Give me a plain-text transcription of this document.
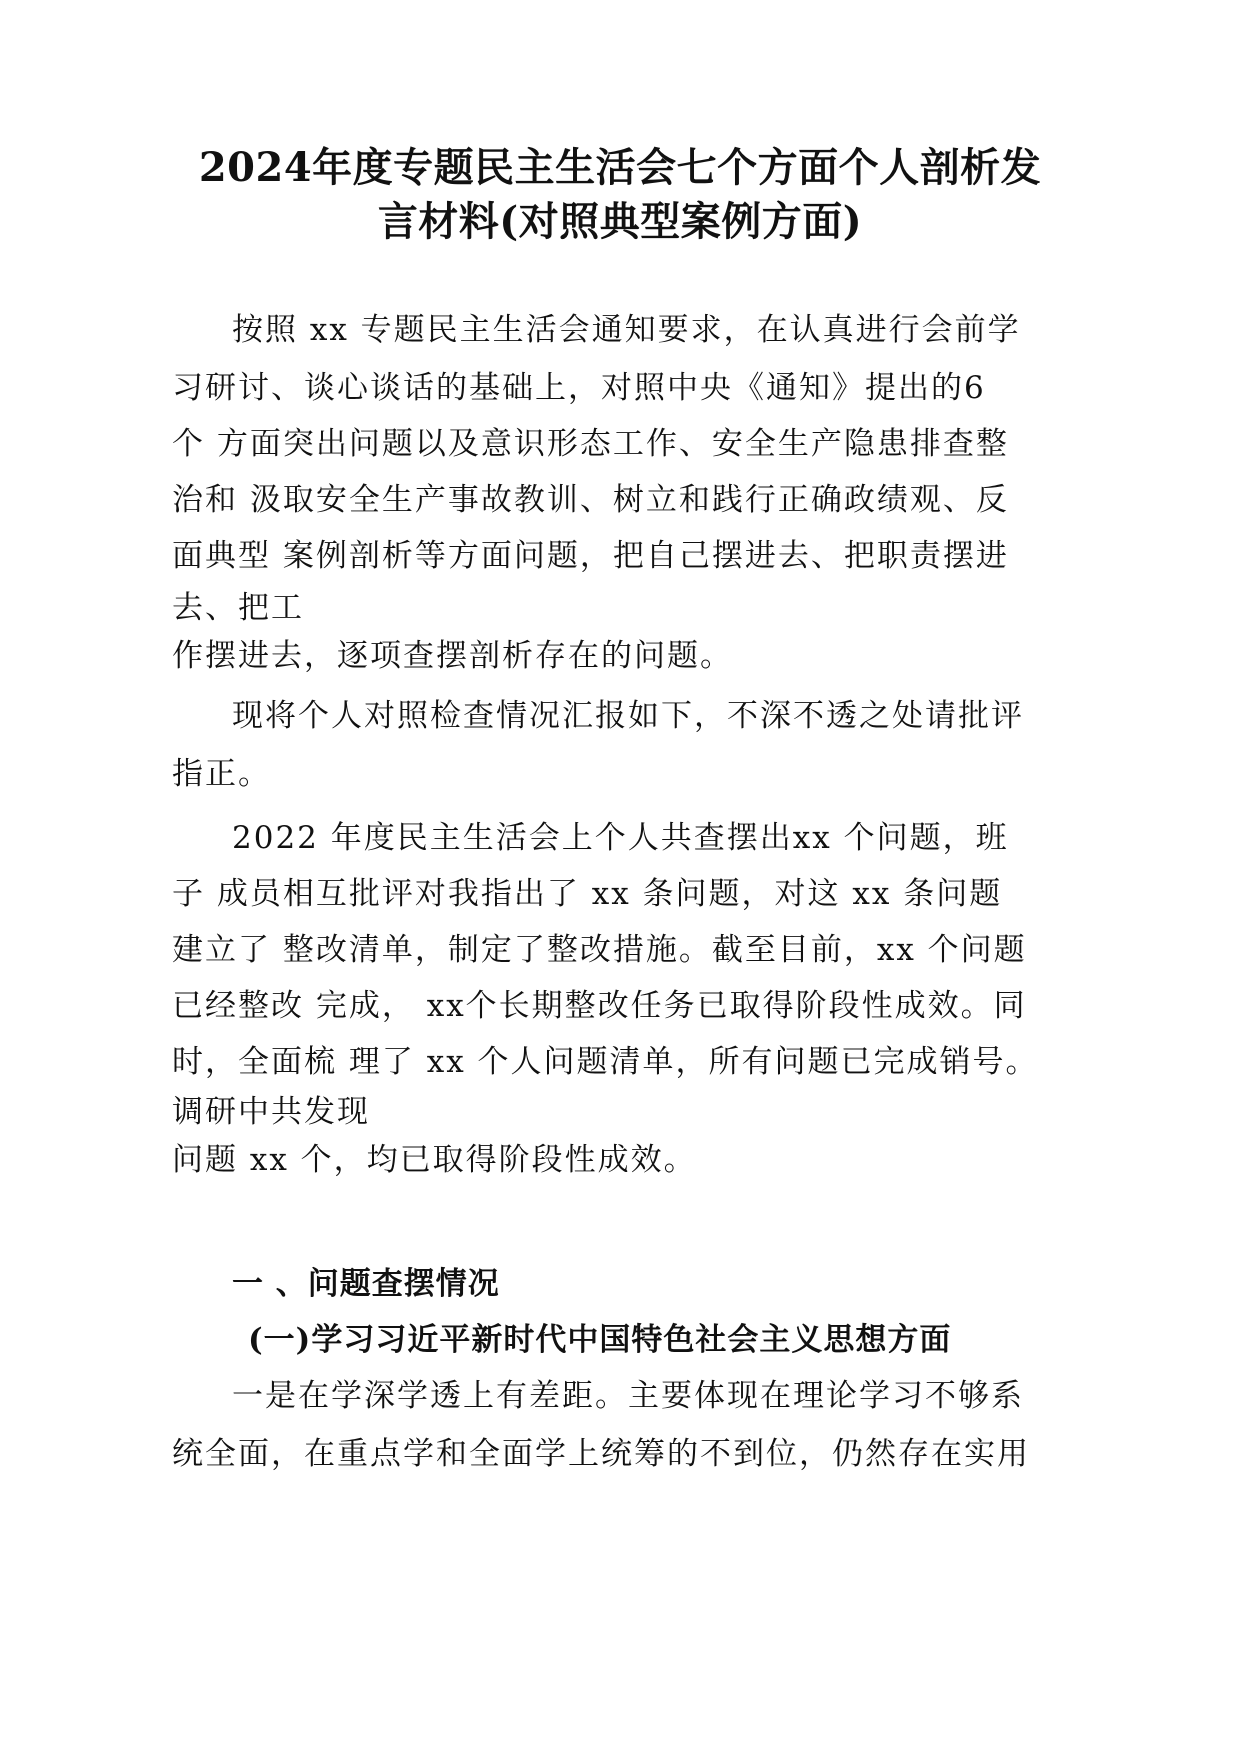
2024年度专题民主生活会七个方面个人剖析发
言材料(对照典型案例方面)
按照 xx 专题民主生活会通知要求，在认真进行会前学
习研讨、谈心谈话的基础上，对照中央《通知》提出的6
个 方面突出问题以及意识形态工作、安全生产隐患排查整
治和 汲取安全生产事故教训、树立和践行正确政绩观、反
面典型 案例剖析等方面问题，把自己摆进去、把职责摆进
去、把工
作摆进去，逐项查摆剖析存在的问题。
现将个人对照检查情况汇报如下，不深不透之处请批评
指正。
2022 年度民主生活会上个人共查摆出xx 个问题，班
子 成员相互批评对我指出了 xx 条问题，对这 xx 条问题
建立了 整改清单，制定了整改措施。截至目前，xx 个问题
已经整改 完成， xx个长期整改任务已取得阶段性成效。同
时，全面梳 理了 xx 个人问题清单，所有问题已完成销号。
调研中共发现
问题 xx 个，均已取得阶段性成效。
一 、问题查摆情况
(一)学习习近平新时代中国特色社会主义思想方面
一是在学深学透上有差距。主要体现在理论学习不够系
统全面，在重点学和全面学上统筹的不到位，仍然存在实用
